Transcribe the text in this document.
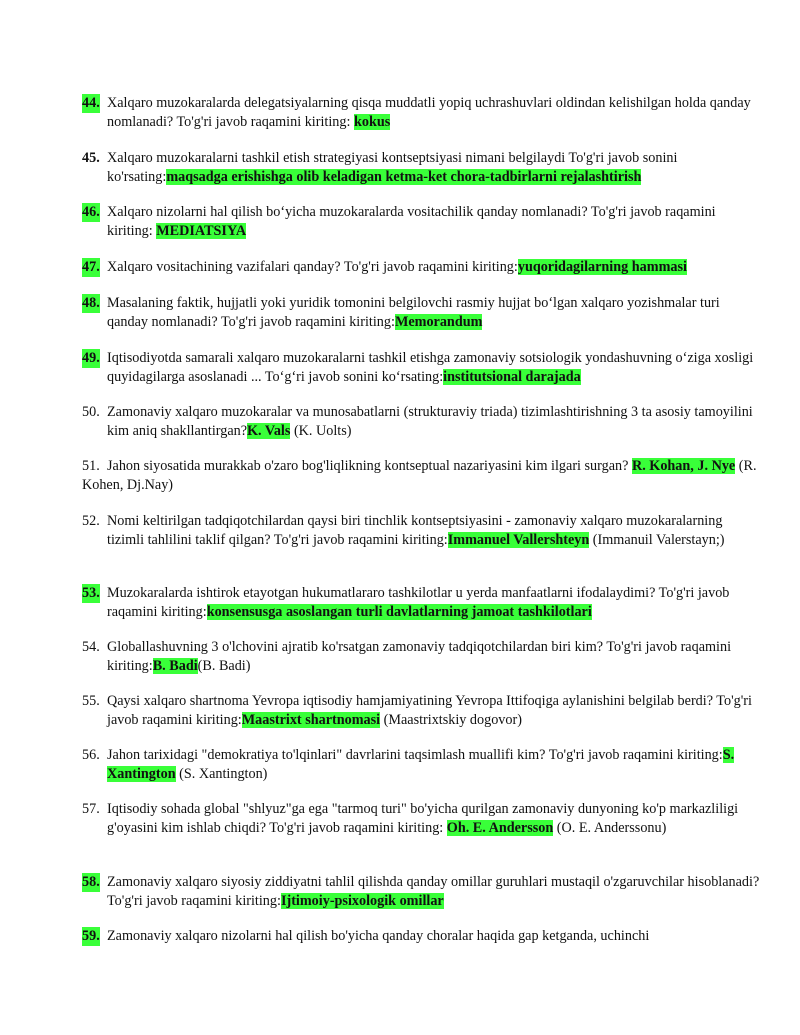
44. Xalqaro muzokaralarda delegatsiyalarning qisqa muddatli yopiq uchrashuvlari oldindan kelishilgan holda qanday nomlanadi? To'g'ri javob raqamini kiriting: kokus
45. Xalqaro muzokaralarni tashkil etish strategiyasi kontseptsiyasi nimani belgilaydi To'g'ri javob sonini ko'rsating:maqsadga erishishga olib keladigan ketma-ket chora-tadbirlarni rejalashtirish
46. Xalqaro nizolarni hal qilish bo‘yicha muzokaralarda vositachilik qanday nomlanadi? To'g'ri javob raqamini kiriting: MEDIATSIYA
47. Xalqaro vositachining vazifalari qanday? To'g'ri javob raqamini kiriting:yuqoridagilarning hammasi
48. Masalaning faktik, hujjatli yoki yuridik tomonini belgilovchi rasmiy hujjat bo‘lgan xalqaro yozishmalar turi qanday nomlanadi? To'g'ri javob raqamini kiriting:Memorandum
49. Iqtisodiyotda samarali xalqaro muzokaralarni tashkil etishga zamonaviy sotsiologik yondashuvning o‘ziga xosligi quyidagilarga asoslanadi ... To‘g‘ri javob sonini ko‘rsating:institutsional darajada
50. Zamonaviy xalqaro muzokaralar va munosabatlarni (strukturaviy triada) tizimlashtirishning 3 ta asosiy tamoyilini kim aniq shakllantirgan?K. Vals (K. Uolts)
51. Jahon siyosatida murakkab o'zaro bog'liqlikning kontseptual nazariyasini kim ilgari surgan? R. Kohan, J. Nye (R. Kohen, Dj.Nay)
52. Nomi keltirilgan tadqiqotchilardan qaysi biri tinchlik kontseptsiyasini - zamonaviy xalqaro muzokaralarning tizimli tahlilini taklif qilgan? To'g'ri javob raqamini kiriting:Immanuel Vallershteyn (Immanuil Valerstayn;)
53. Muzokaralarda ishtirok etayotgan hukumatlararo tashkilotlar u yerda manfaatlarni ifodalaydimi? To'g'ri javob raqamini kiriting:konsensusga asoslangan turli davlatlarning jamoat tashkilotlari
54. Globallashuvning 3 o'lchovini ajratib ko'rsatgan zamonaviy tadqiqotchilardan biri kim? To'g'ri javob raqamini kiriting:B. Badi(B. Badi)
55. Qaysi xalqaro shartnoma Yevropa iqtisodiy hamjamiyatining Yevropa Ittifoqiga aylanishini belgilab berdi? To'g'ri javob raqamini kiriting:Maastrixt shartnomasi (Maastrixtskiy dogovor)
56. Jahon tarixidagi "demokratiya to'lqinlari" davrlarini taqsimlash muallifi kim? To'g'ri javob raqamini kiriting:S. Xantington (S. Xantington)
57. Iqtisodiy sohada global "shlyuz"ga ega "tarmoq turi" bo'yicha qurilgan zamonaviy dunyoning ko'p markazliligi g'oyasini kim ishlab chiqdi? To'g'ri javob raqamini kiriting: Oh. E. Andersson (O. E. Anderssonu)
58. Zamonaviy xalqaro siyosiy ziddiyatni tahlil qilishda qanday omillar guruhlari mustaqil o'zgaruvchilar hisoblanadi? To'g'ri javob raqamini kiriting:Ijtimoiy-psixologik omillar
59. Zamonaviy xalqaro nizolarni hal qilish bo'yicha qanday choralar haqida gap ketganda, uchinchi
